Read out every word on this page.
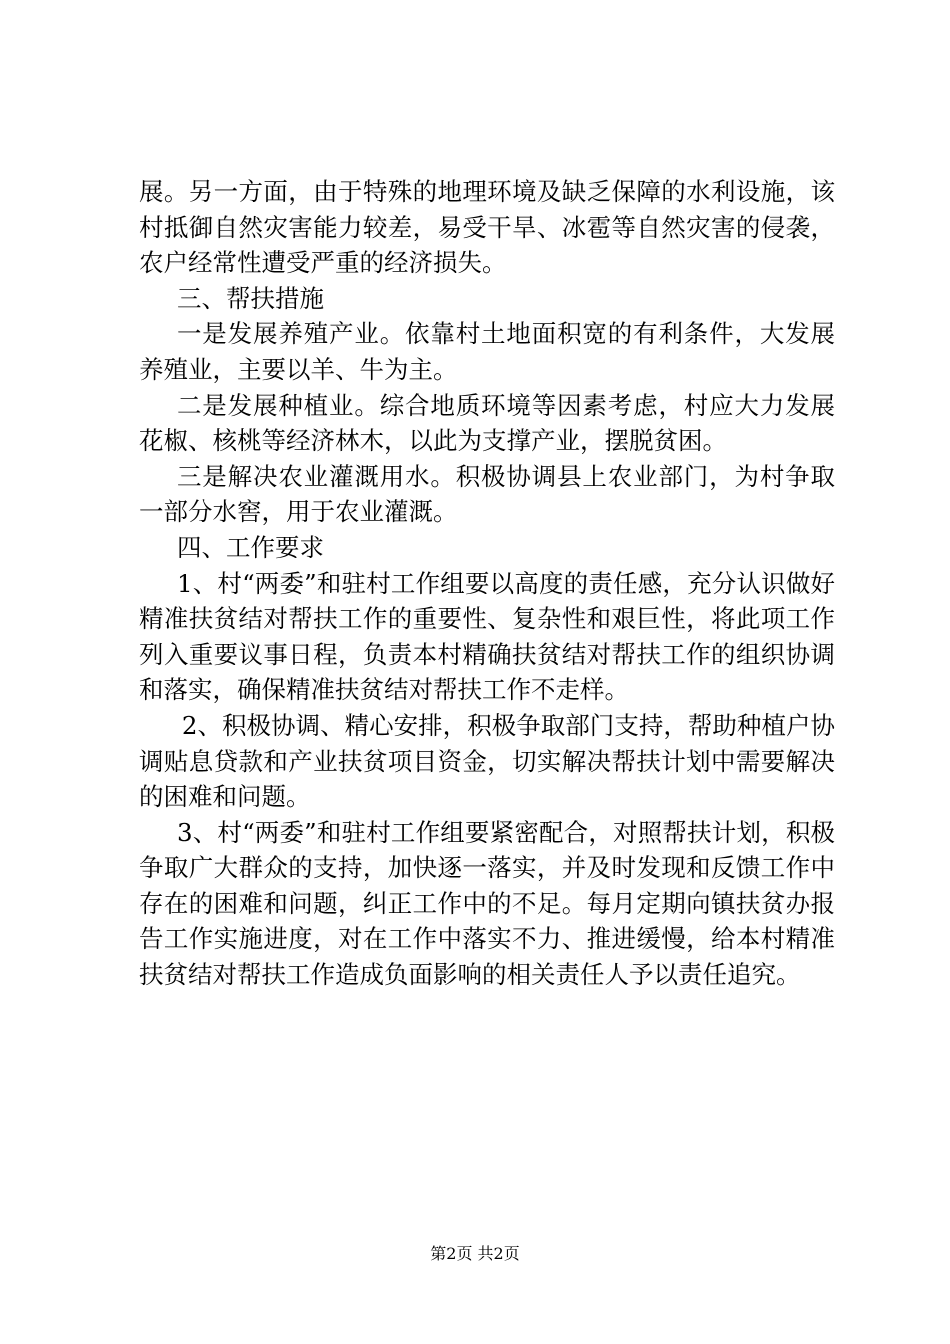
展。另一方面，由于特殊的地理环境及缺乏保障的水利设施，该村抵御自然灾害能力较差，易受干旱、冰雹等自然灾害的侵袭，农户经常性遭受严重的经济损失。

三、帮扶措施

一是发展养殖产业。依靠村土地面积宽的有利条件，大发展养殖业，主要以羊、牛为主。

二是发展种植业。综合地质环境等因素考虑，村应大力发展花椒、核桃等经济林木，以此为支撑产业，摆脱贫困。

三是解决农业灌溉用水。积极协调县上农业部门，为村争取一部分水窖，用于农业灌溉。

四、工作要求

1、村“两委”和驻村工作组要以高度的责任感，充分认识做好精准扶贫结对帮扶工作的重要性、复杂性和艰巨性，将此项工作列入重要议事日程，负责本村精确扶贫结对帮扶工作的组织协调和落实，确保精准扶贫结对帮扶工作不走样。

2、积极协调、精心安排，积极争取部门支持，帮助种植户协调贴息贷款和产业扶贫项目资金，切实解决帮扶计划中需要解决的困难和问题。

3、村“两委”和驻村工作组要紧密配合，对照帮扶计划，积极争取广大群众的支持，加快逐一落实，并及时发现和反馈工作中存在的困难和问题，纠正工作中的不足。每月定期向镇扶贫办报告工作实施进度，对在工作中落实不力、推进缓慢，给本村精准扶贫结对帮扶工作造成负面影响的相关责任人予以责任追究。

第2页 共2页
